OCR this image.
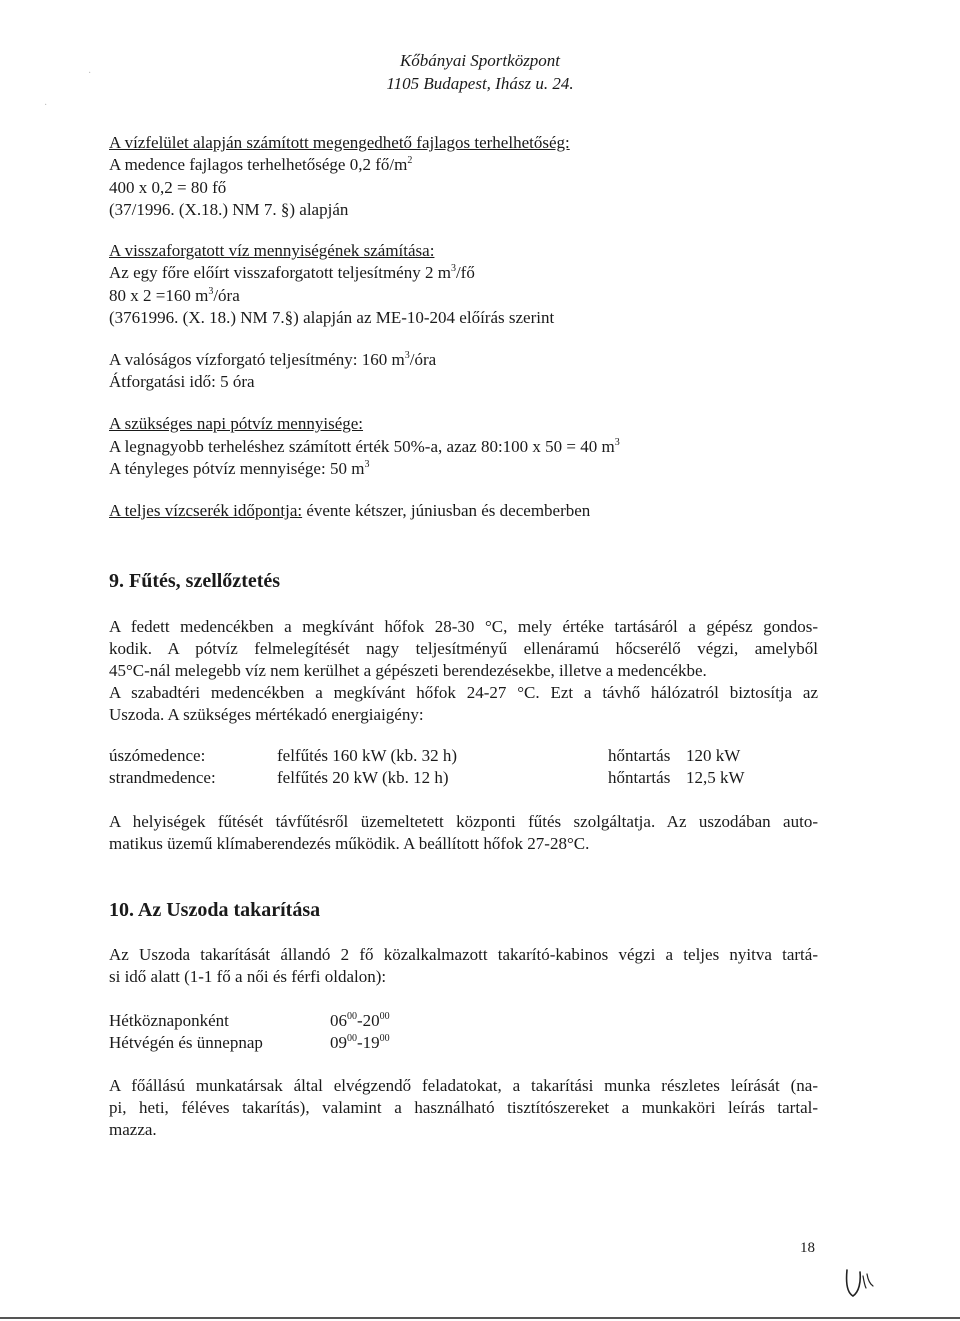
Kőbányai Sportközpont
1105 Budapest, Ihász u. 24.
A vízfelület alapján számított megengedhető fajlagos terhelhetőség:
A medence fajlagos terhelhetősége 0,2 $fő/m^2$
400 x 0,2 = 80 fő
(37/1996. (X.18.) NM 7. §) alapján
A visszaforgatott víz mennyiségének számítása:
Az egy főre előírt visszaforgatott teljesítmény 2 $m^3/fő$
80 x 2 =160 $m^3$/óra
(3761996. (X. 18.) NM 7.§) alapján az ME-10-204 előírás szerint
A valóságos vízforgató teljesítmény: 160 $m^3$/óra
Átforgatási idő: 5 óra
A szükséges napi pótvíz mennyisége:
A legnagyobb terheléshez számított érték 50%-a, azaz 80:100 x 50 = 40 $m^3$
A tényleges pótvíz mennyisége: 50 $m^3$
A teljes vízcserék időpontja: évente kétszer, júniusban és decemberben
9. Fűtés, szellőztetés
A fedett medencékben a megkívánt hőfok 28-30 °C, mely értéke tartásáról a gépész gondos-
kodik. A pótvíz felmelegítését nagy teljesítményű ellenáramú hőcserélő végzi, amelyből
45°C-nál melegebb víz nem kerülhet a gépészeti berendezésekbe, illetve a medencékbe.
A szabadtéri medencékben a megkívánt hőfok 24-27 °C. Ezt a távhő hálózatról biztosítja az
Uszoda. A szükséges mértékadó energiaigény:
úszómedence:	felfűtés 160 kW (kb. 32 h)	hőntartás 120 kW
strandmedence:	felfűtés 20 kW (kb. 12 h)	hőntartás 12,5 kW
A helyiségek fűtését távfűtésről üzemeltetett központi fűtés szolgáltatja. Az uszodában auto-
matikus üzemű klímaberendezés működik. A beállított hőfok 27-28°C.
10. Az Uszoda takarítása
Az Uszoda takarítását állandó 2 fő közalkalmazott takarító-kabinos végzi a teljes nyitva tartá-
si idő alatt (1-1 fő a női és férfi oldalon):
Hétköznaponként	$06^{00}-20^{00}$
Hétvégén és ünnepnap	$09^{00}-19^{00}$
A főállású munkatársak által elvégzendő feladatokat, a takarítási munka részletes leírását (na-
pi, heti, féléves takarítás), valamint a használható tisztítószereket a munkaköri leírás tartal-
mazza.
18
·
·
